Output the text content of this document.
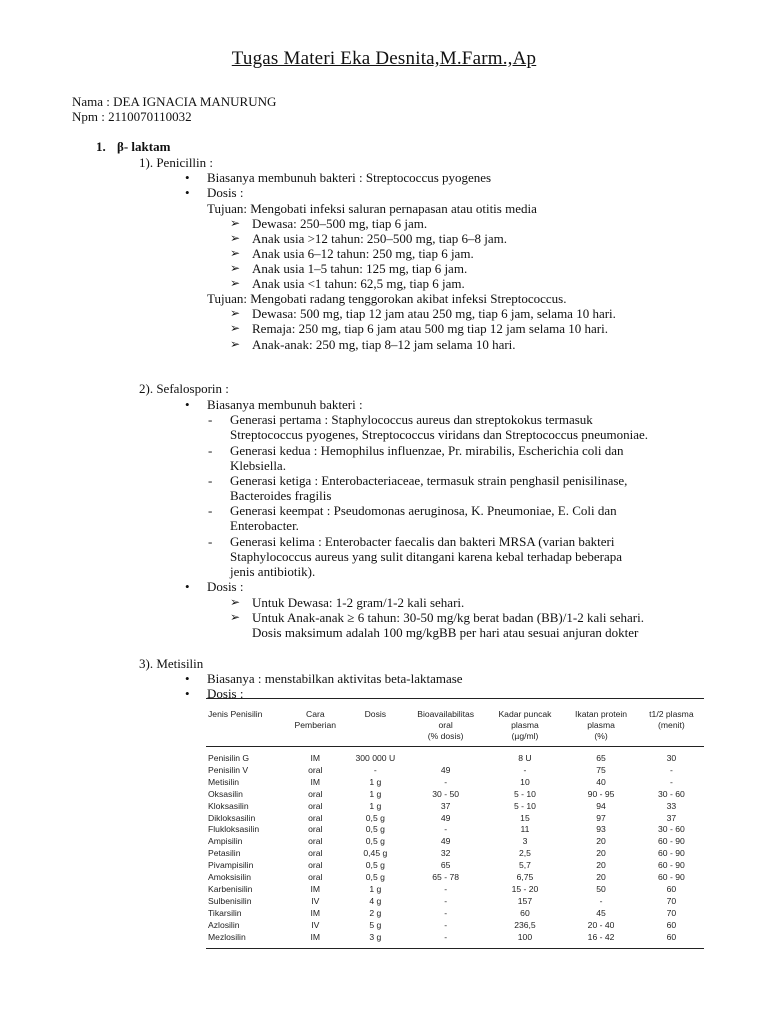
Tugas Materi Eka Desnita,M.Farm.,Ap
Nama : DEA IGNACIA MANURUNG
Npm : 2110070110032
1. β- laktam
1). Penicillin :
• Biasanya membunuh bakteri : Streptococcus pyogenes
• Dosis :
Tujuan: Mengobati infeksi saluran pernapasan atau otitis media
➢ Dewasa: 250–500 mg, tiap 6 jam.
➢ Anak usia >12 tahun: 250–500 mg, tiap 6–8 jam.
➢ Anak usia 6–12 tahun: 250 mg, tiap 6 jam.
➢ Anak usia 1–5 tahun: 125 mg, tiap 6 jam.
➢ Anak usia <1 tahun: 62,5 mg, tiap 6 jam.
Tujuan: Mengobati radang tenggorokan akibat infeksi Streptococcus.
➢ Dewasa: 500 mg, tiap 12 jam atau 250 mg, tiap 6 jam, selama 10 hari.
➢ Remaja: 250 mg, tiap 6 jam atau 500 mg tiap 12 jam selama 10 hari.
➢ Anak-anak: 250 mg, tiap 8–12 jam selama 10 hari.
2). Sefalosporin :
• Biasanya membunuh bakteri :
- Generasi pertama : Staphylococcus aureus dan streptokokus termasuk
Streptococcus pyogenes, Streptococcus viridans dan Streptococcus pneumoniae.
- Generasi kedua : Hemophilus influenzae, Pr. mirabilis, Escherichia coli dan
Klebsiella.
- Generasi ketiga : Enterobacteriaceae, termasuk strain penghasil penisilinase,
Bacteroides fragilis
- Generasi keempat : Pseudomonas aeruginosa, K. Pneumoniae, E. Coli dan
Enterobacter.
- Generasi kelima : Enterobacter faecalis dan bakteri MRSA (varian bakteri
Staphylococcus aureus yang sulit ditangani karena kebal terhadap beberapa
jenis antibiotik).
• Dosis :
➢ Untuk Dewasa: 1-2 gram/1-2 kali sehari.
➢ Untuk Anak-anak ≥ 6 tahun: 30-50 mg/kg berat badan (BB)/1-2 kali sehari.
Dosis maksimum adalah 100 mg/kgBB per hari atau sesuai anjuran dokter
3). Metisilin
• Biasanya : menstabilkan aktivitas beta-laktamase
• Dosis :
Jenis Penisilin	Cara
Pemberian	Dosis	Bioavailabilitas
oral
(% dosis)	Kadar puncak
plasma
(µg/ml)	Ikatan protein
plasma
(%)	t1/2 plasma
(menit)
Penisilin G	IM	300 000 U		8 U	65	30
Penisilin V	oral	-	49	-	75	-
Metisilin	IM	1 g	-	10	40	-
Oksasilin	oral	1 g	30 - 50	5 - 10	90 - 95	30 - 60
Kloksasilin	oral	1 g	37	5 - 10	94	33
Dikloksasilin	oral	0,5 g	49	15	97	37
Flukloksasilin	oral	0,5 g	-	11	93	30 - 60
Ampisilin	oral	0,5 g	49	3	20	60 - 90
Petasilin	oral	0,45 g	32	2,5	20	60 - 90
Pivampisilin	oral	0,5 g	65	5,7	20	60 - 90
Amoksisilin	oral	0,5 g	65 - 78	6,75	20	60 - 90
Karbenisilin	IM	1 g	-	15 - 20	50	60
Sulbenisilin	IV	4 g	-	157	-	70
Tikarsilin	IM	2 g	-	60	45	70
Azlosilin	IV	5 g	-	236,5	20 - 40	60
Mezlosilin	IM	3 g	-	100	16 - 42	60
